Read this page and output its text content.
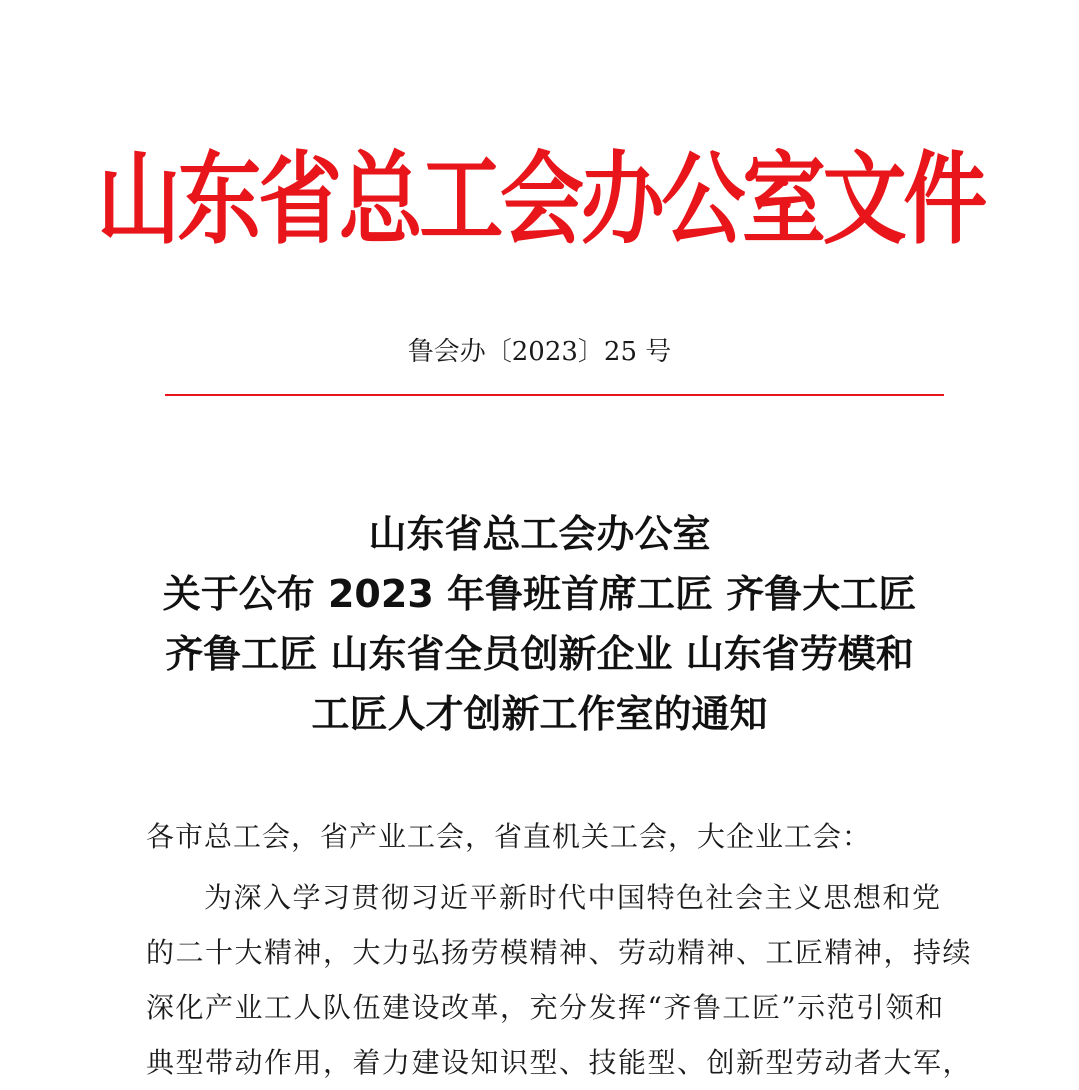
山东省总工会办公室文件
鲁会办〔2023〕25 号
山东省总工会办公室
关于公布 2023 年鲁班首席工匠 齐鲁大工匠
齐鲁工匠 山东省全员创新企业 山东省劳模和
工匠人才创新工作室的通知
各市总工会，省产业工会，省直机关工会，大企业工会：
为深入学习贯彻习近平新时代中国特色社会主义思想和党
的二十大精神，大力弘扬劳模精神、劳动精神、工匠精神，持续
深化产业工人队伍建设改革，充分发挥“齐鲁工匠”示范引领和
典型带动作用，着力建设知识型、技能型、创新型劳动者大军，
